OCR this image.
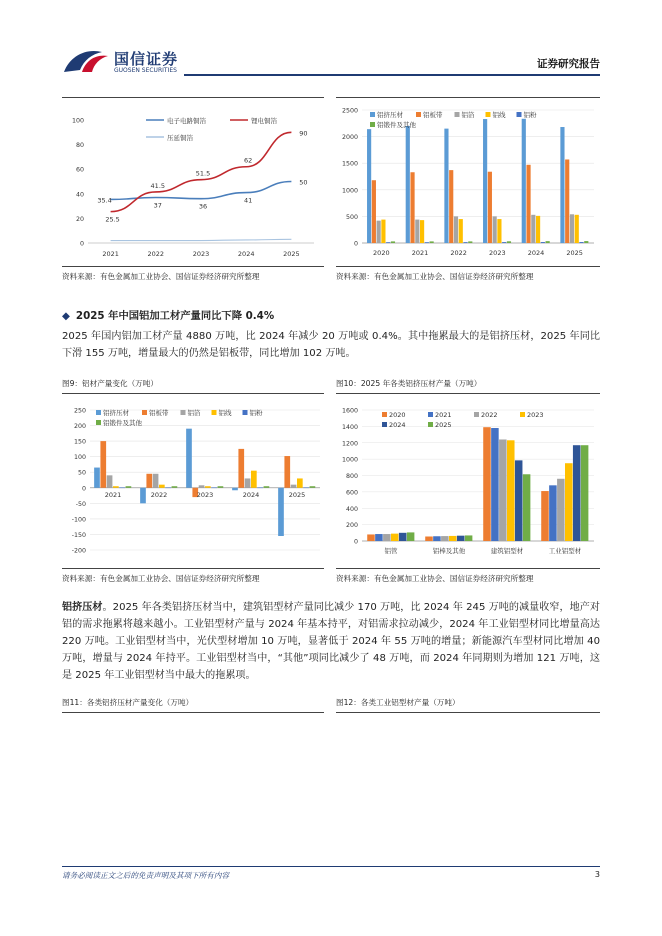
国信证券
GUOSEN SECURITIES
证券研究报告
0
20
40
60
80
100
2021	2022	2023	2024	2025
35.4
37	36
41
50
25.5
41.5
51.5
62
90
电子电路铜箔	锂电铜箔
压延铜箔
资料来源：有色金属加工业协会、国信证券经济研究所整理
0
500
1000
1500
2000
2500
2020	2021	2022	2023	2024	2025
铝挤压材	铝板带	铝箔	铝线	铝粉
铝锻件及其他
资料来源：有色金属加工业协会、国信证券经济研究所整理
◆ 2025 年中国铝加工材产量同比下降 0.4%

2025 年国内铝加工材产量 4880 万吨，比 2024 年减少 20 万吨或 0.4%。其中拖累最大的是铝挤压材，2025 年同比下滑 155 万吨，增量最大的仍然是铝板带，同比增加 102 万吨。

图9：铝材产量变化（万吨）
250
200
150
100
50
0
-50
-100
-150
-200
2021	2022	2023	2024	2025
铝挤压材	铝板带	铝箔	铝线	铝粉
铝锻件及其他
资料来源：有色金属加工业协会、国信证券经济研究所整理
图10：2025 年各类铝挤压材产量（万吨）
0
200
400
600
800
1000
1200
1400
1600
铝管	铝棒及其他	建筑铝型材	工业铝型材
2020	2021	2022	2023
2024	2025
资料来源：有色金属加工业协会、国信证券经济研究所整理

铝挤压材。2025 年各类铝挤压材当中，建筑铝型材产量同比减少 170 万吨，比 2024 年 245 万吨的减量收窄，地产对铝的需求拖累将越来越小。工业铝型材产量与 2024 年基本持平，对铝需求拉动减少，2024 年工业铝型材同比增量高达 220 万吨。工业铝型材当中，光伏型材增加 10 万吨，显著低于 2024 年 55 万吨的增量；新能源汽车型材同比增加 40 万吨，增量与 2024 年持平。工业铝型材当中，“其他”项同比减少了 48 万吨，而 2024 年同期则为增加 121 万吨，这是 2025 年工业铝型材当中最大的拖累项。

图11：各类铝挤压材产量变化（万吨）	图12：各类工业铝型材产量（万吨）
请务必阅读正文之后的免责声明及其项下所有内容	3
